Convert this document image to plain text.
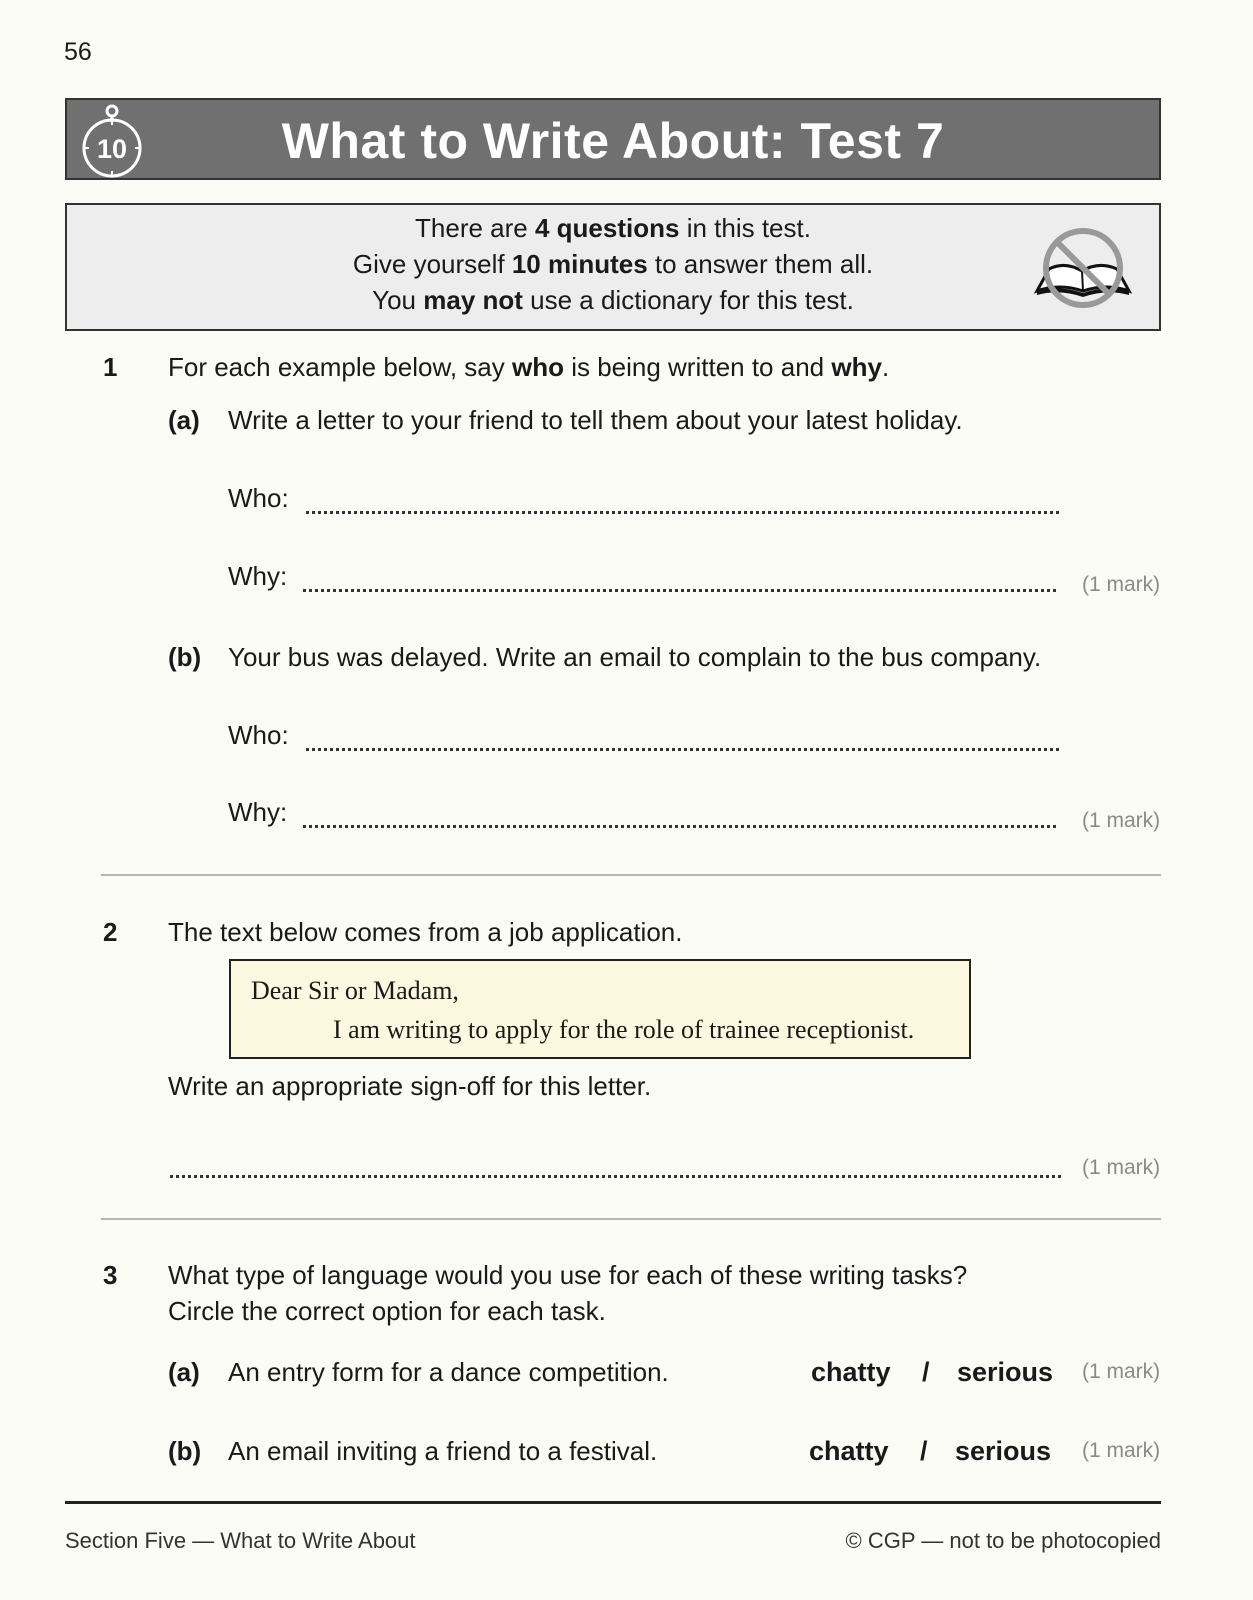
56
10	What to Write About: Test 7
There are 4 questions in this test.
Give yourself 10 minutes to answer them all.
You may not use a dictionary for this test.
1 For each example below, say who is being written to and why.
(a) Write a letter to your friend to tell them about your latest holiday.
Who:
Why:	(1 mark)
(b) Your bus was delayed. Write an email to complain to the bus company.
Who:
Why:	(1 mark)
2 The text below comes from a job application.
Dear Sir or Madam,
I am writing to apply for the role of trainee receptionist.
Write an appropriate sign-off for this letter.
(1 mark)
3 What type of language would you use for each of these writing tasks?
Circle the correct option for each task.
(a) An entry form for a dance competition.	chatty / serious (1 mark)
(b) An email inviting a friend to a festival.	chatty / serious (1 mark)
Section Five — What to Write About	© CGP — not to be photocopied
